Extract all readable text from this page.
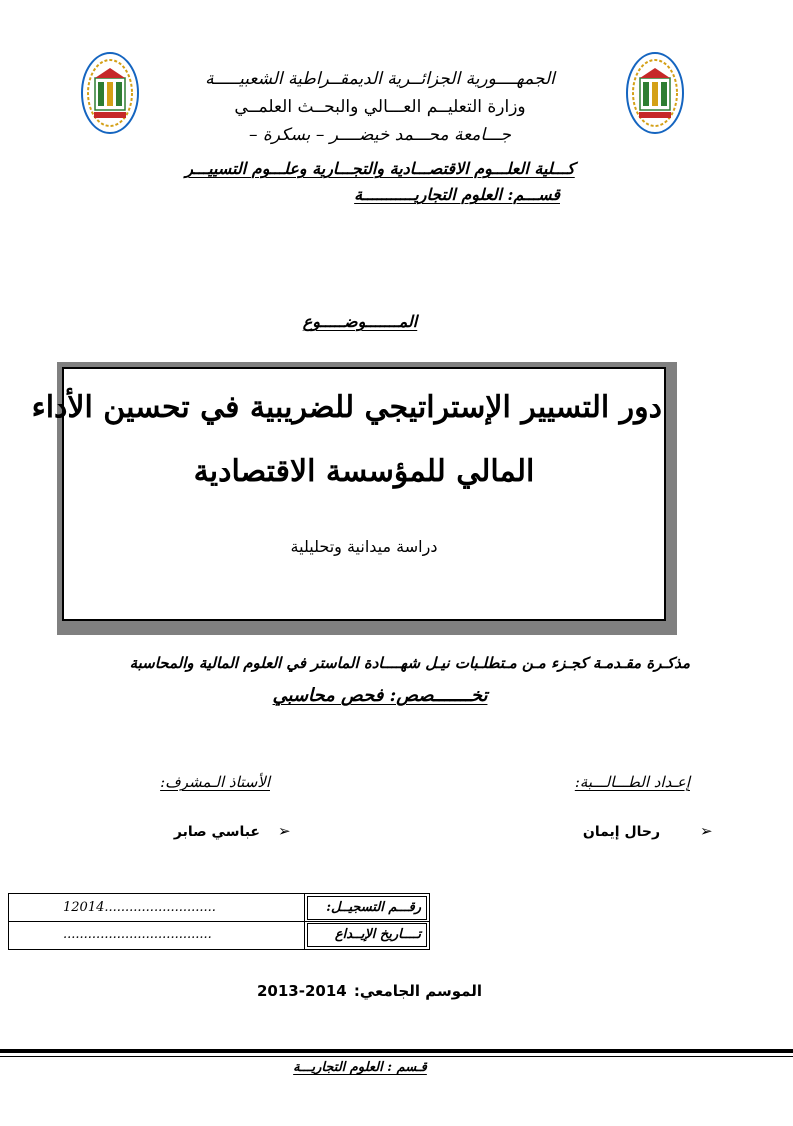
الجمهــــورية الجزائــرية الديمقــراطية الشعبيـــــة
وزارة التعليــم العـــالي والبحــث العلمــي
جـــامعة محـــمد خيضــــر – بسكرة –
كـــلية العلـــوم الاقتصـــادية والتجـــارية وعلـــوم التسييـــر
قســـم: العلوم التجاريـــــــــــة
المـــــــوضـــــوع
دور التسيير الإستراتيجي للضريبية في تحسين الأداء
المالي للمؤسسة الاقتصادية
دراسة ميدانية وتحليلية
مذكـرة مقـدمـة كجـزء مـن مـتطلـبات نيـل شهــــادة الماستر في العلوم المالية والمحاسبة
تخـــــــصص: فحص محاسبي
إعـداد الطـــالـــبة:
الأستاذ الـمشرف:
➢
رحال إيمان
➢
عباسي صابر
رقـــم التسجيــل:
12014...........................
تــــاريخ الإيــداع
....................................
2013-2014 الموسم الجامعي:
قـسم : العلوم التجاريـــة
